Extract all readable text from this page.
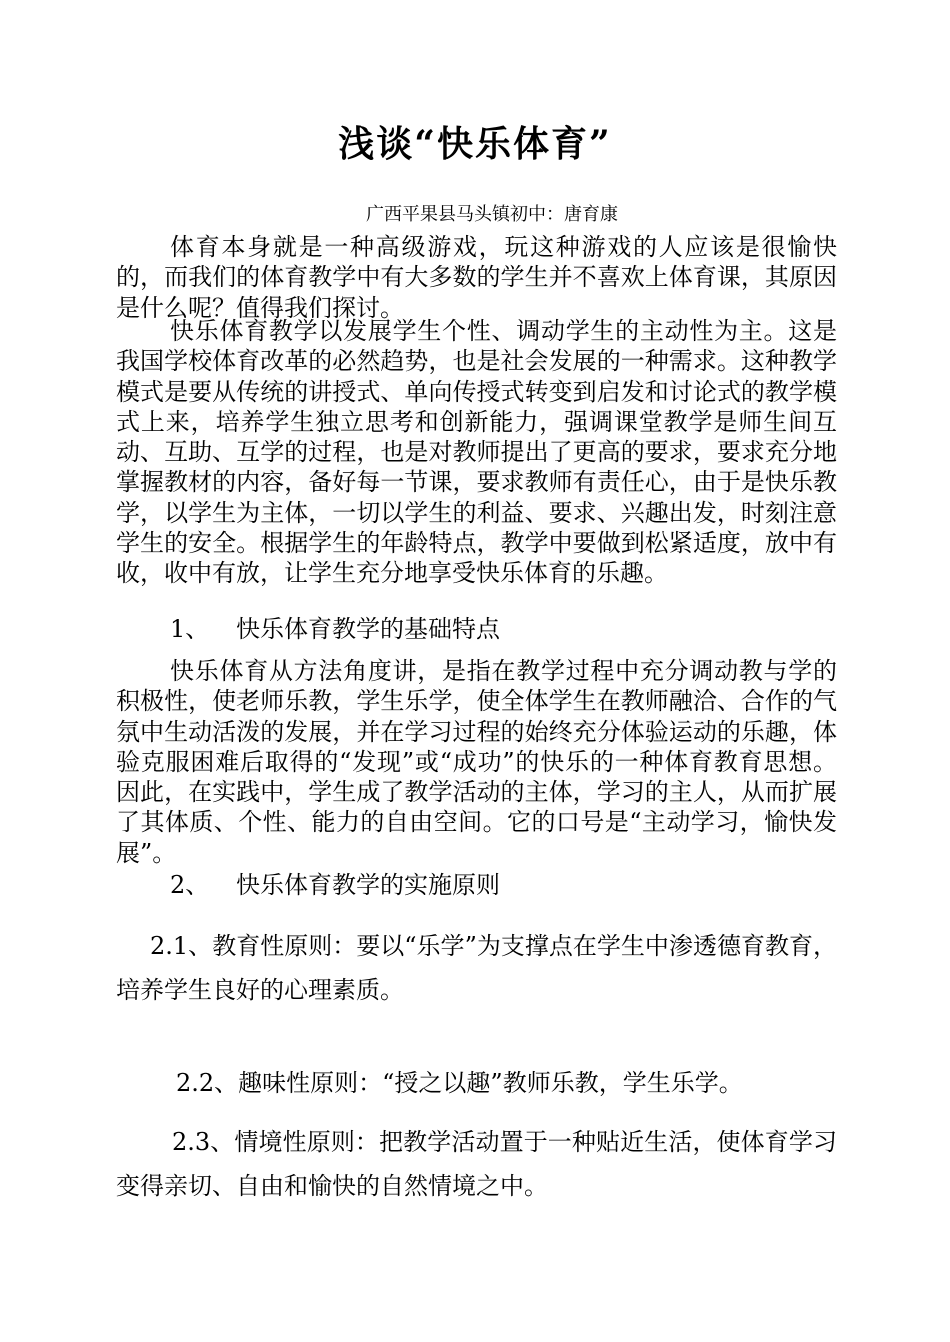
浅谈“快乐体育”
广西平果县马头镇初中：唐育康

体育本身就是一种高级游戏，玩这种游戏的人应该是很愉快的，而我们的体育教学中有大多数的学生并不喜欢上体育课，其原因是什么呢？值得我们探讨。

快乐体育教学以发展学生个性、调动学生的主动性为主。这是我国学校体育改革的必然趋势，也是社会发展的一种需求。这种教学模式是要从传统的讲授式、单向传授式转变到启发和讨论式的教学模式上来，培养学生独立思考和创新能力，强调课堂教学是师生间互动、互助、互学的过程，也是对教师提出了更高的要求，要求充分地掌握教材的内容，备好每一节课，要求教师有责任心，由于是快乐教学，以学生为主体，一切以学生的利益、要求、兴趣出发，时刻注意学生的安全。根据学生的年龄特点，教学中要做到松紧适度，放中有收，收中有放，让学生充分地享受快乐体育的乐趣。

1、 快乐体育教学的基础特点

快乐体育从方法角度讲，是指在教学过程中充分调动教与学的积极性，使老师乐教，学生乐学，使全体学生在教师融洽、合作的气氛中生动活泼的发展，并在学习过程的始终充分体验运动的乐趣，体验克服困难后取得的“发现”或“成功”的快乐的一种体育教育思想。因此，在实践中，学生成了教学活动的主体，学习的主人，从而扩展了其体质、个性、能力的自由空间。它的口号是“主动学习，愉快发展”。

2、 快乐体育教学的实施原则

2.1、教育性原则：要以“乐学”为支撑点在学生中渗透德育教育，培养学生良好的心理素质。

2.2、趣味性原则：“授之以趣”教师乐教，学生乐学。

2.3、情境性原则：把教学活动置于一种贴近生活，使体育学习变得亲切、自由和愉快的自然情境之中。
